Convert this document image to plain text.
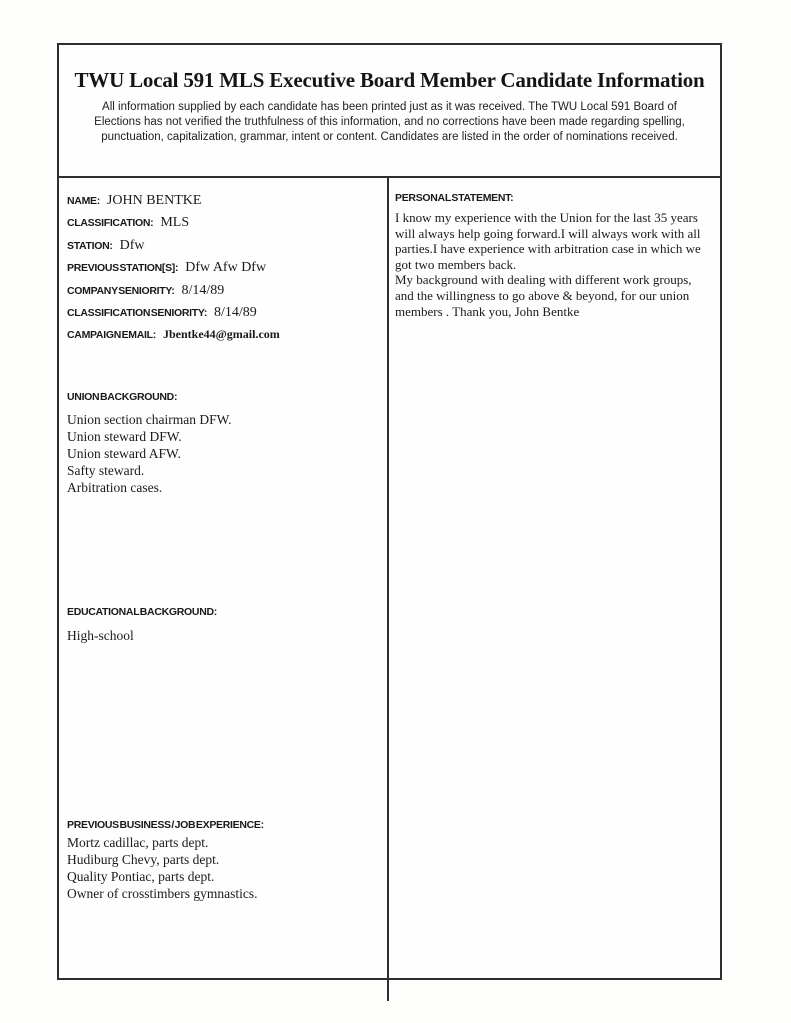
TWU Local 591 MLS Executive Board Member Candidate Information
All information supplied by each candidate has been printed just as it was received. The TWU Local 591 Board of Elections has not verified the truthfulness of this information, and no corrections have been made regarding spelling, punctuation, capitalization, grammar, intent or content. Candidates are listed in the order of nominations received.
NAME: JOHN BENTKE
CLASSIFICATION: MLS
STATION: Dfw
PREVIOUS STATION[S]: Dfw Afw Dfw
COMPANY SENIORITY: 8/14/89
CLASSIFICATION SENIORITY: 8/14/89
CAMPAIGN EMAIL: Jbentke44@gmail.com
UNION BACKGROUND:
Union section chairman DFW.
Union steward DFW.
Union steward AFW.
Safty steward.
Arbitration cases.
EDUCATIONAL BACKGROUND:
High-school
PREVIOUS BUSINESS / JOB EXPERIENCE:
Mortz cadillac, parts dept.
Hudiburg Chevy, parts dept.
Quality Pontiac, parts dept.
Owner of crosstimbers gymnastics.
PERSONAL STATEMENT:
I know my experience with the Union for the last 35 years
will always help going forward.I will always work with all
parties.I have experience with arbitration case in which we
got two members back.
My background with dealing with different work groups,
and the willingness to go above & beyond, for our union
members . Thank you, John Bentke
